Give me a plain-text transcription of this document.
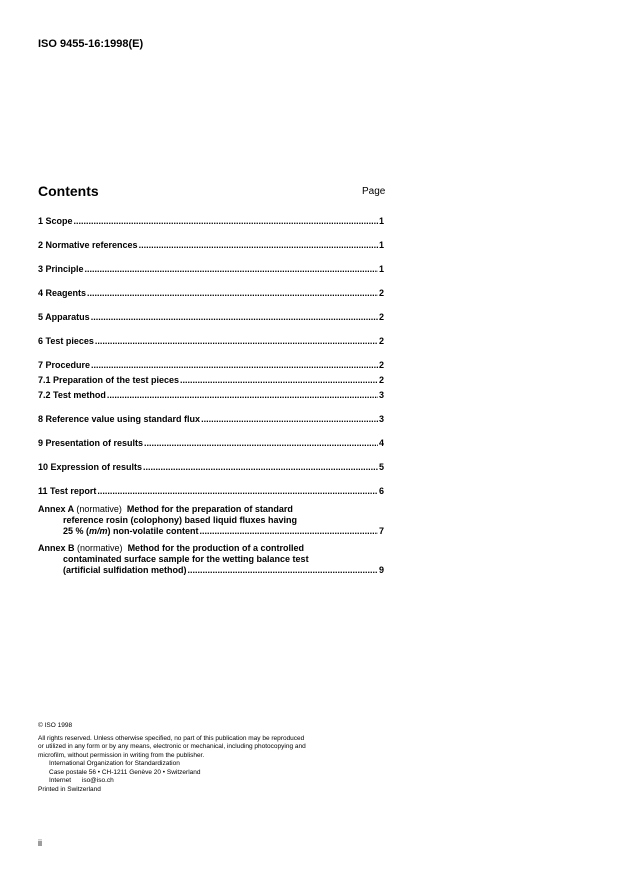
ISO 9455-16:1998(E)
Contents	Page
1 Scope .....	1
2 Normative references .....	1
3 Principle .....	1
4 Reagents .....	2
5 Apparatus .....	2
6 Test pieces .....	2
7 Procedure .....	2
7.1 Preparation of the test pieces .....	2
7.2 Test method .....	3
8 Reference value using standard flux .....	3
9 Presentation of results .....	4
10 Expression of results .....	5
11 Test report .....	6
Annex A (normative) Method for the preparation of standard
reference rosin (colophony) based liquid fluxes having
25 % (m/m) non-volatile content .....	7
Annex B (normative) Method for the production of a controlled
contaminated surface sample for the wetting balance test
(artificial sulfidation method) .....	9
© ISO 1998
All rights reserved. Unless otherwise specified, no part of this publication may be reproduced
or utilized in any form or by any means, electronic or mechanical, including photocopying and
microfilm, without permission in writing from the publisher.
International Organization for Standardization
Case postale 56 • CH-1211 Genève 20 • Switzerland
Internet      iso@iso.ch
Printed in Switzerland
ii
